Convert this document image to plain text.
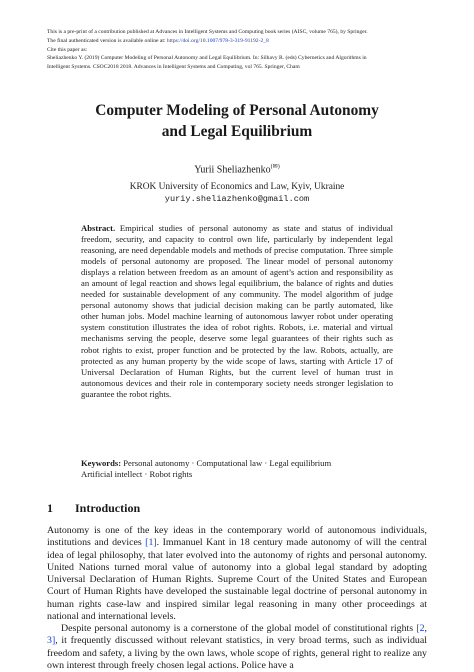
This is a pre-print of a contribution published at Advances in Intelligent Systems and Computing book series (AISC, volume 765), by Springer.

The final authenticated version is available online at: https://doi.org/10.1007/978-3-319-91192-2_8

Cite this paper as:

Sheliazhenko Y. (2019) Computer Modeling of Personal Autonomy and Legal Equilibrium. In: Silhavy R. (eds) Cybernetics and Algorithms in

Intelligent Systems. CSOC2018 2018. Advances in Intelligent Systems and Computing, vol 765. Springer, Cham

Computer Modeling of Personal Autonomy
and Legal Equilibrium
Yurii Sheliazhenko(✉)
KROK University of Economics and Law, Kyiv, Ukraine
yuriy.sheliazhenko@gmail.com
Abstract. Empirical studies of personal autonomy as state and status of individual freedom, security, and capacity to control own life, particularly by independent legal reasoning, are need dependable models and methods of precise computation. Three simple models of personal autonomy are proposed. The linear model of personal autonomy displays a relation between freedom as an amount of agent’s action and responsibility as an amount of legal reaction and shows legal equilibrium, the balance of rights and duties needed for sustainable development of any community. The model algorithm of judge personal autonomy shows that judicial decision making can be partly automated, like other human jobs. Model machine learning of autonomous lawyer robot under operating system constitution illustrates the idea of robot rights. Robots, i.e. material and virtual mechanisms serving the people, deserve some legal guarantees of their rights such as robot rights to exist, proper function and be protected by the law. Robots, actually, are protected as any human property by the wide scope of laws, starting with Article 17 of Universal Declaration of Human Rights, but the current level of human trust in autonomous devices and their role in contemporary society needs stronger legislation to guarantee the robot rights.
Keywords: Personal autonomy · Computational law · Legal equilibrium
Artificial intellect · Robot rights
1 Introduction

Autonomy is one of the key ideas in the contemporary world of autonomous individuals, institutions and devices [1]. Immanuel Kant in 18 century made autonomy of will the central idea of legal philosophy, that later evolved into the autonomy of rights and personal autonomy. United Nations turned moral value of autonomy into a global legal standard by adopting Universal Declaration of Human Rights. Supreme Court of the United States and European Court of Human Rights have developed the sustainable legal doctrine of personal autonomy in human rights case-law and inspired similar legal reasoning in many other proceedings at national and international levels.

Despite personal autonomy is a cornerstone of the global model of constitutional rights [2, 3], it frequently discussed without relevant statistics, in very broad terms, such as individual freedom and safety, a living by the own laws, whole scope of rights, general right to realize any own interest through freely chosen legal actions. Police have a
